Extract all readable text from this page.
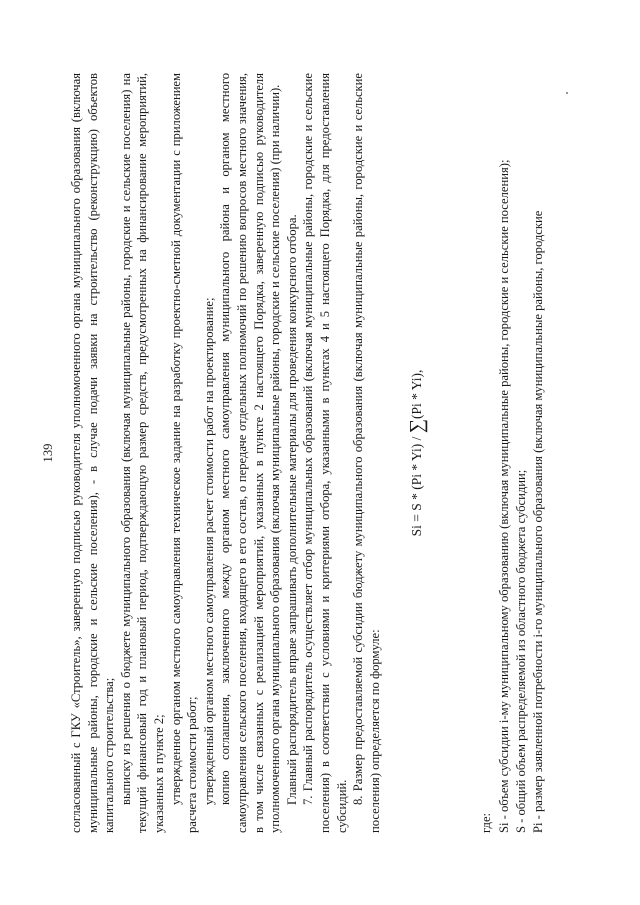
139 согласованный с ГКУ «Строитель», заверенную подписью руководителя уполномоченного органа муниципального образования (включая муниципальные районы, городские и сельские поселения), - в случае подачи заявки на строительство (реконструкцию) объектов капитального строительства; выписку из решения о бюджете муниципального образования (включая муниципальные районы, городские и сельские поселения) на текущий финансовый год и плановый период, подтверждающую размер средств, предусмотренных на финансирование мероприятий, указанных в пункте 2; утвержденное органом местного самоуправления техническое задание на разработку проектно-сметной документации с приложением расчета стоимости работ; утвержденный органом местного самоуправления расчет стоимости работ на проектирование; копию соглашения, заключенного между органом местного самоуправления муниципального района и органом местного самоуправления сельского поселения, входящего в его состав, о передаче отдельных полномочий по решению вопросов местного значения, в том числе связанных с реализацией мероприятий, указанных в пункте 2 настоящего Порядка, заверенную подписью руководителя уполномоченного органа муниципального образования (включая муниципальные районы, городские и сельские поселения) (при наличии). Главный распорядитель вправе запрашивать дополнительные материалы для проведения конкурсного отбора. 7. Главный распорядитель осуществляет отбор муниципальных образований (включая муниципальные районы, городские и сельские поселения) в соответствии с условиями и критериями отбора, указанными в пунктах 4 и 5 настоящего Порядка, для предоставления субсидий.

8. Размер предоставляемой субсидии бюджету муниципального образования (включая муниципальные районы, городские и сельские поселения) определяется по формуле:

Si = S * (Pi * Yi) / ∑(Pi * Yi),

где: Si - объем субсидии i-му муниципальному образованию (включая муниципальные районы, городские и сельские поселения); S - общий объем распределяемой из областного бюджета субсидии; Pi - размер заявленной потребности i-го муниципального образования (включая муниципальные районы, городские
